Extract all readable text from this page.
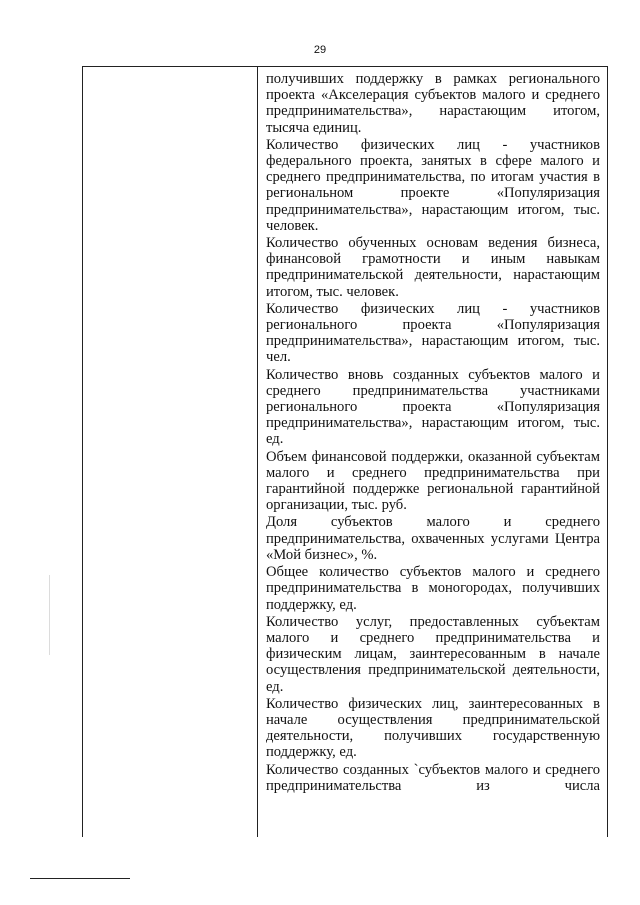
29

получивших поддержку в рамках регионального проекта «Акселерация субъектов малого и среднего предпринимательства», нарастающим итогом, тысяча единиц.

Количество физических лиц - участников федерального проекта, занятых в сфере малого и среднего предпринимательства, по итогам участия в региональном проекте «Популяризация предпринимательства», нарастающим итогом, тыс. человек.

Количество обученных основам ведения бизнеса, финансовой грамотности и иным навыкам предпринимательской деятельности, нарастающим итогом, тыс. человек.

Количество физических лиц - участников регионального проекта «Популяризация предпринимательства», нарастающим итогом, тыс. чел.

Количество вновь созданных субъектов малого и среднего предпринимательства участниками регионального проекта «Популяризация предпринимательства», нарастающим итогом, тыс. ед.

Объем финансовой поддержки, оказанной субъектам малого и среднего предпринимательства при гарантийной поддержке региональной гарантийной организации, тыс. руб.

Доля субъектов малого и среднего предпринимательства, охваченных услугами Центра «Мой бизнес», %.

Общее количество субъектов малого и среднего предпринимательства в моногородах, получивших поддержку, ед.

Количество услуг, предоставленных субъектам малого и среднего предпринимательства и физическим лицам, заинтересованным в начале осуществления предпринимательской деятельности, ед.

Количество физических лиц, заинтересованных в начале осуществления предпринимательской деятельности, получивших государственную поддержку, ед.

Количество созданных `субъектов малого и среднего предпринимательства из числа
